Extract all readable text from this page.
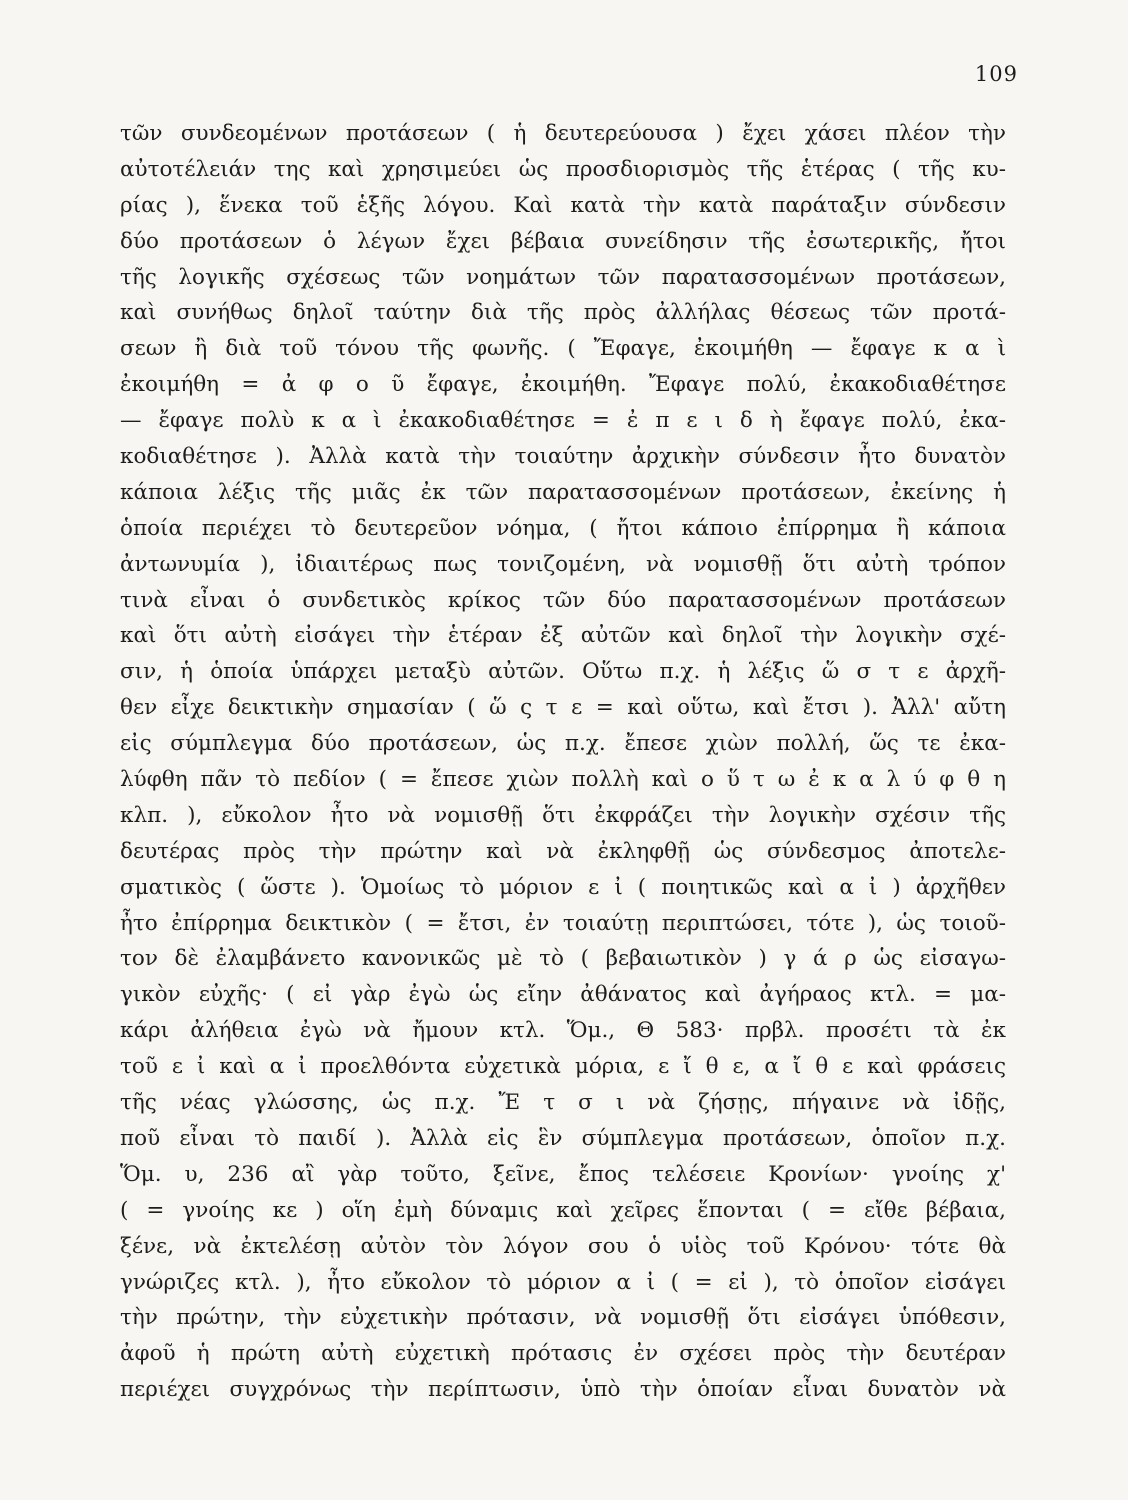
109
τῶν συνδεομένων προτάσεων ( ἡ δευτερεύουσα ) ἔχει χάσει πλέον τὴν
αὐτοτέλειάν της καὶ χρησιμεύει ὡς προσδιορισμὸς τῆς ἑτέρας ( τῆς κυ-
ρίας ), ἕνεκα τοῦ ἑξῆς λόγου. Καὶ κατὰ τὴν κατὰ παράταξιν σύνδεσιν
δύο προτάσεων ὁ λέγων ἔχει βέβαια συνείδησιν τῆς ἐσωτερικῆς, ἤτοι
τῆς λογικῆς σχέσεως τῶν νοημάτων τῶν παρατασσομένων προτάσεων,
καὶ συνήθως δηλοῖ ταύτην διὰ τῆς πρὸς ἀλλήλας θέσεως τῶν προτά-
σεων ἢ διὰ τοῦ τόνου τῆς φωνῆς. ( Ἔφαγε, ἐκοιμήθη — ἔφαγε κ α ὶ
ἐκοιμήθη = ἀ φ ο ῦ ἔφαγε, ἐκοιμήθη. Ἔφαγε πολύ, ἐκακοδιαθέτησε
— ἔφαγε πολὺ κ α ὶ ἐκακοδιαθέτησε = ἐ π ε ι δ ὴ ἔφαγε πολύ, ἐκα-
κοδιαθέτησε ). Ἀλλὰ κατὰ τὴν τοιαύτην ἀρχικὴν σύνδεσιν ἦτο δυνατὸν
κάποια λέξις τῆς μιᾶς ἐκ τῶν παρατασσομένων προτάσεων, ἐκείνης ἡ
ὁποία περιέχει τὸ δευτερεῦον νόημα, ( ἤτοι κάποιο ἐπίρρημα ἢ κάποια
ἀντωνυμία ), ἰδιαιτέρως πως τονιζομένη, νὰ νομισθῇ ὅτι αὐτὴ τρόπον
τινὰ εἶναι ὁ συνδετικὸς κρίκος τῶν δύο παρατασσομένων προτάσεων
καὶ ὅτι αὐτὴ εἰσάγει τὴν ἑτέραν ἐξ αὐτῶν καὶ δηλοῖ τὴν λογικὴν σχέ-
σιν, ἡ ὁποία ὑπάρχει μεταξὺ αὐτῶν. Οὕτω π.χ. ἡ λέξις ὥ σ τ ε ἀρχῆ-
θεν εἶχε δεικτικὴν σημασίαν ( ὥ ς τ ε = καὶ οὕτω, καὶ ἔτσι ). Ἀλλ' αὔτη
εἰς σύμπλεγμα δύο προτάσεων, ὡς π.χ. ἔπεσε χιὼν πολλή, ὥς τε ἐκα-
λύφθη πᾶν τὸ πεδίον ( = ἔπεσε χιὼν πολλὴ καὶ ο ὕ τ ω ἐ κ α λ ύ φ θ η
κλπ. ), εὔκολον ἦτο νὰ νομισθῇ ὅτι ἐκφράζει τὴν λογικὴν σχέσιν τῆς
δευτέρας πρὸς τὴν πρώτην καὶ νὰ ἐκληφθῇ ὡς σύνδεσμος ἀποτελε-
σματικὸς ( ὥστε ). Ὁμοίως τὸ μόριον ε ἰ ( ποιητικῶς καὶ α ἰ ) ἀρχῆθεν
ἦτο ἐπίρρημα δεικτικὸν ( = ἔτσι, ἐν τοιαύτῃ περιπτώσει, τότε ), ὡς τοιοῦ-
τον δὲ ἐλαμβάνετο κανονικῶς μὲ τὸ ( βεβαιωτικὸν ) γ ά ρ ὡς εἰσαγω-
γικὸν εὐχῆς· ( εἰ γὰρ ἐγὼ ὡς εἴην ἀθάνατος καὶ ἀγήραος κτλ. = μα-
κάρι ἀλήθεια ἐγὼ νὰ ἤμουν κτλ. Ὅμ., Θ 583· πρβλ. προσέτι τὰ ἐκ
τοῦ ε ἰ καὶ α ἰ προελθόντα εὐχετικὰ μόρια, ε ἴ θ ε, α ἴ θ ε καὶ φράσεις
τῆς νέας γλώσσης, ὡς π.χ. Ἔ τ σ ι νὰ ζήσῃς, πήγαινε νὰ ἰδῇς,
ποῦ εἶναι τὸ παιδί ). Ἀλλὰ εἰς ἓν σύμπλεγμα προτάσεων, ὁποῖον π.χ.
Ὅμ. υ, 236 αἲ γὰρ τοῦτο, ξεῖνε, ἔπος τελέσειε Κρονίων· γνοίης χ'
( = γνοίης κε ) οἵη ἐμὴ δύναμις καὶ χεῖρες ἕπονται ( = εἴθε βέβαια,
ξένε, νὰ ἐκτελέσῃ αὐτὸν τὸν λόγον σου ὁ υἱὸς τοῦ Κρόνου· τότε θὰ
γνώριζες κτλ. ), ἦτο εὔκολον τὸ μόριον α ἰ ( = εἰ ), τὸ ὁποῖον εἰσάγει
τὴν πρώτην, τὴν εὐχετικὴν πρότασιν, νὰ νομισθῇ ὅτι εἰσάγει ὑπόθεσιν,
ἀφοῦ ἡ πρώτη αὐτὴ εὐχετικὴ πρότασις ἐν σχέσει πρὸς τὴν δευτέραν
περιέχει συγχρόνως τὴν περίπτωσιν, ὑπὸ τὴν ὁποίαν εἶναι δυνατὸν νὰ
